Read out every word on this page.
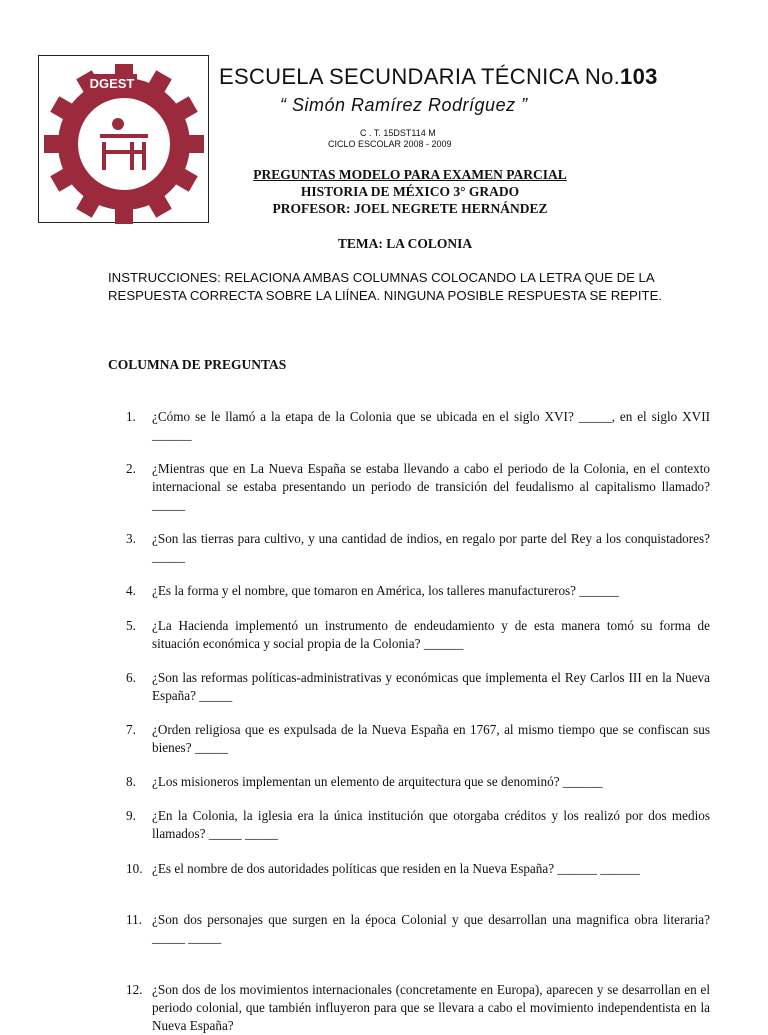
DGEST	ESCUELA SECUNDARIA TÉCNICA No.103
“ Simón Ramírez Rodríguez ”
C . T. 15DST114 M
CICLO ESCOLAR 2008 - 2009
PREGUNTAS MODELO PARA EXAMEN PARCIAL
HISTORIA DE MÉXICO 3° GRADO
PROFESOR: JOEL NEGRETE HERNÁNDEZ
TEMA: LA COLONIA
INSTRUCCIONES: RELACIONA AMBAS COLUMNAS COLOCANDO LA LETRA QUE DE LA RESPUESTA CORRECTA SOBRE LA LIÍNEA. NINGUNA POSIBLE RESPUESTA SE REPITE.
COLUMNA DE PREGUNTAS
1.	¿Cómo se le llamó a la etapa de la Colonia que se ubicada en el siglo XVI? _____, en el siglo XVII ______
2.	¿Mientras que en La Nueva España se estaba llevando a cabo el periodo de la Colonia, en el contexto internacional se estaba presentando un periodo de transición del feudalismo al capitalismo llamado? _____
3.	¿Son las tierras para cultivo, y una cantidad de indios, en regalo por parte del Rey a los conquistadores? _____
4.	¿Es la forma y el nombre, que tomaron en América, los talleres manufactureros? ______
5.	¿La Hacienda implementó un instrumento de endeudamiento y de esta manera tomó su forma de situación económica y social propia de la Colonia? ______
6.	¿Son las reformas políticas-administrativas y económicas que implementa el Rey Carlos III en la Nueva España? _____
7.	¿Orden religiosa que es expulsada de la Nueva España en 1767, al mismo tiempo que se confiscan sus bienes? _____
8.	¿Los misioneros implementan un elemento de arquitectura que se denominó? ______
9.	¿En la Colonia, la iglesia era la única institución que otorgaba créditos y los realizó por dos medios llamados? _____ _____
10. ¿Es el nombre de dos autoridades políticas que residen en la Nueva España? ______ ______
11. ¿Son dos personajes que surgen en la época Colonial y que desarrollan una magnifica obra literaria? _____ _____
12. ¿Son dos de los movimientos internacionales (concretamente en Europa), aparecen y se desarrollan en el periodo colonial, que también influyeron para que se llevara a cabo el movimiento independentista en la Nueva España?
